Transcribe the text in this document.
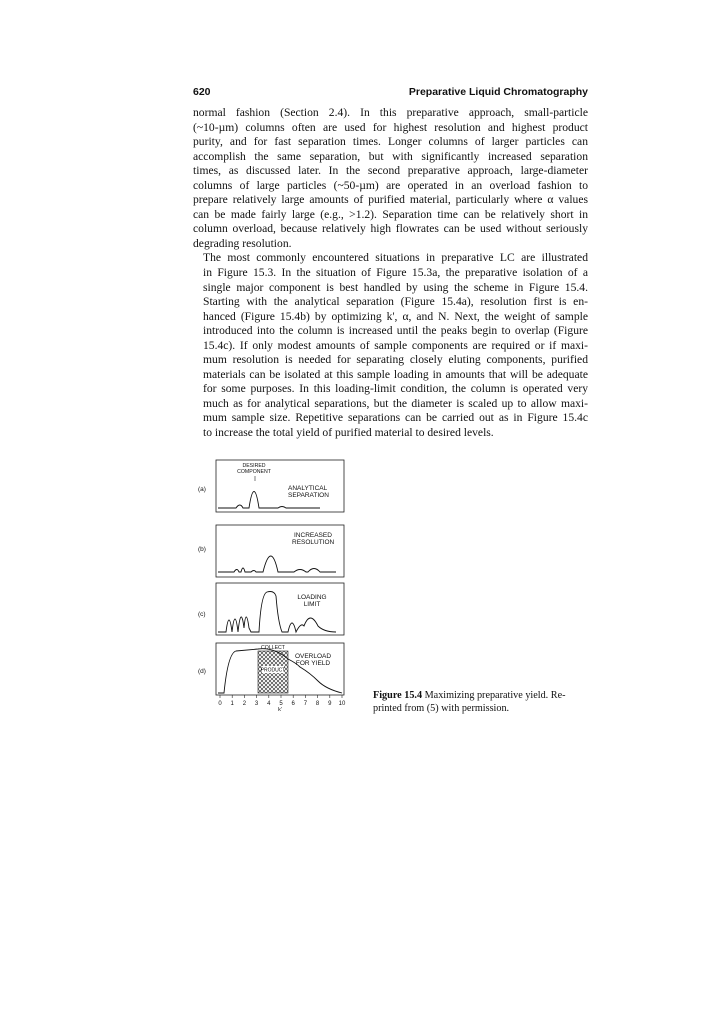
620	Preparative Liquid Chromatography

normal fashion (Section 2.4). In this preparative approach, small-particle
(~10-µm) columns often are used for highest resolution and highest product
purity, and for fast separation times. Longer columns of larger particles can
accomplish the same separation, but with significantly increased separation
times, as discussed later. In the second preparative approach, large-diameter
columns of large particles (~50-µm) are operated in an overload fashion to
prepare relatively large amounts of purified material, particularly where α values
can be made fairly large (e.g., >1.2). Separation time can be relatively short in
column overload, because relatively high flowrates can be used without seriously
degrading resolution.

The most commonly encountered situations in preparative LC are illustrated
in Figure 15.3. In the situation of Figure 15.3a, the preparative isolation of a
single major component is best handled by using the scheme in Figure 15.4.
Starting with the analytical separation (Figure 15.4a), resolution first is en-
hanced (Figure 15.4b) by optimizing k', α, and N. Next, the weight of sample
introduced into the column is increased until the peaks begin to overlap (Figure
15.4c). If only modest amounts of sample components are required or if maxi-
mum resolution is needed for separating closely eluting components, purified
materials can be isolated at this sample loading in amounts that will be adequate
for some purposes. In this loading-limit condition, the column is operated very
much as for analytical separations, but the diameter is scaled up to allow maxi-
mum sample size. Repetitive separations can be carried out as in Figure 15.4c
to increase the total yield of purified material to desired levels.

DESIRED
COMPONENT
ANALYTICAL
SEPARATION
(a)
INCREASED
RESOLUTION
(b)
LOADING
LIMIT
(c)
COLLECT
PRODUCT
OVERLOAD
FOR YIELD
(d)
0 1 2 3 4 5 6 7 8 9 10
k'
Figure 15.4 Maximizing preparative yield. Re-
printed from (5) with permission.
